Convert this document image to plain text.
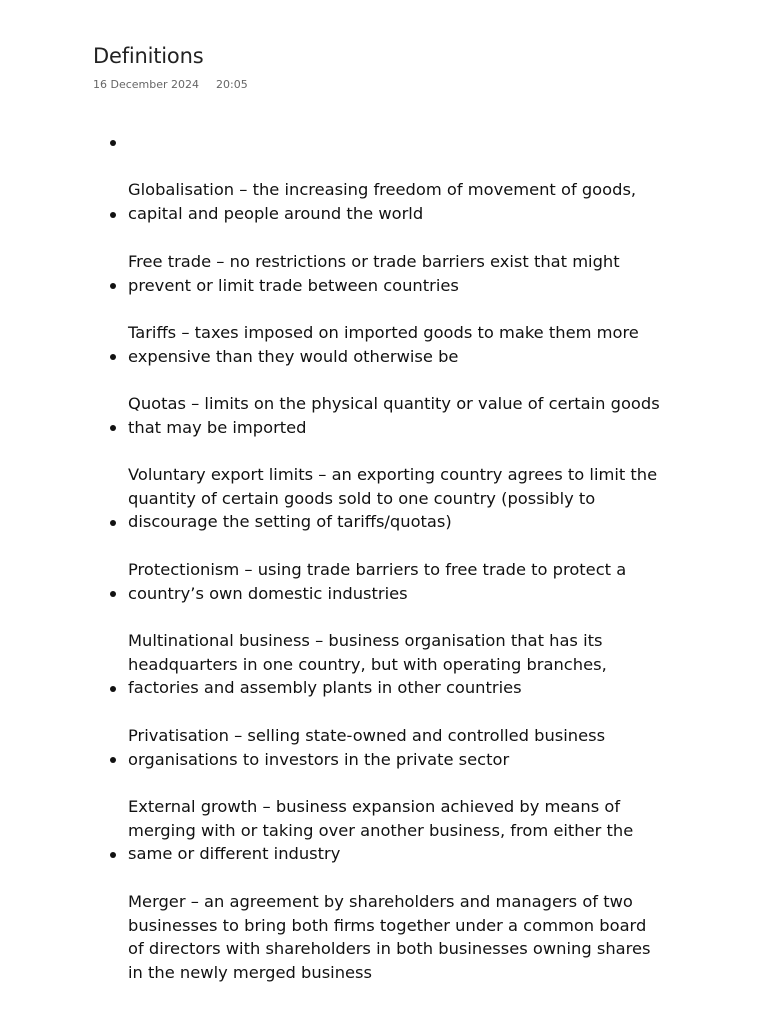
Definitions
16 December 2024	20:05

Globalisation – the increasing freedom of movement of goods,
capital and people around the world

Free trade – no restrictions or trade barriers exist that might
prevent or limit trade between countries

Tariffs – taxes imposed on imported goods to make them more
expensive than they would otherwise be

Quotas – limits on the physical quantity or value of certain goods
that may be imported

Voluntary export limits – an exporting country agrees to limit the
quantity of certain goods sold to one country (possibly to
discourage the setting of tariffs/quotas)

Protectionism – using trade barriers to free trade to protect a
country’s own domestic industries

Multinational business – business organisation that has its
headquarters in one country, but with operating branches,
factories and assembly plants in other countries

Privatisation – selling state-owned and controlled business
organisations to investors in the private sector

External growth – business expansion achieved by means of
merging with or taking over another business, from either the
same or different industry

Merger – an agreement by shareholders and managers of two
businesses to bring both firms together under a common board
of directors with shareholders in both businesses owning shares
in the newly merged business
